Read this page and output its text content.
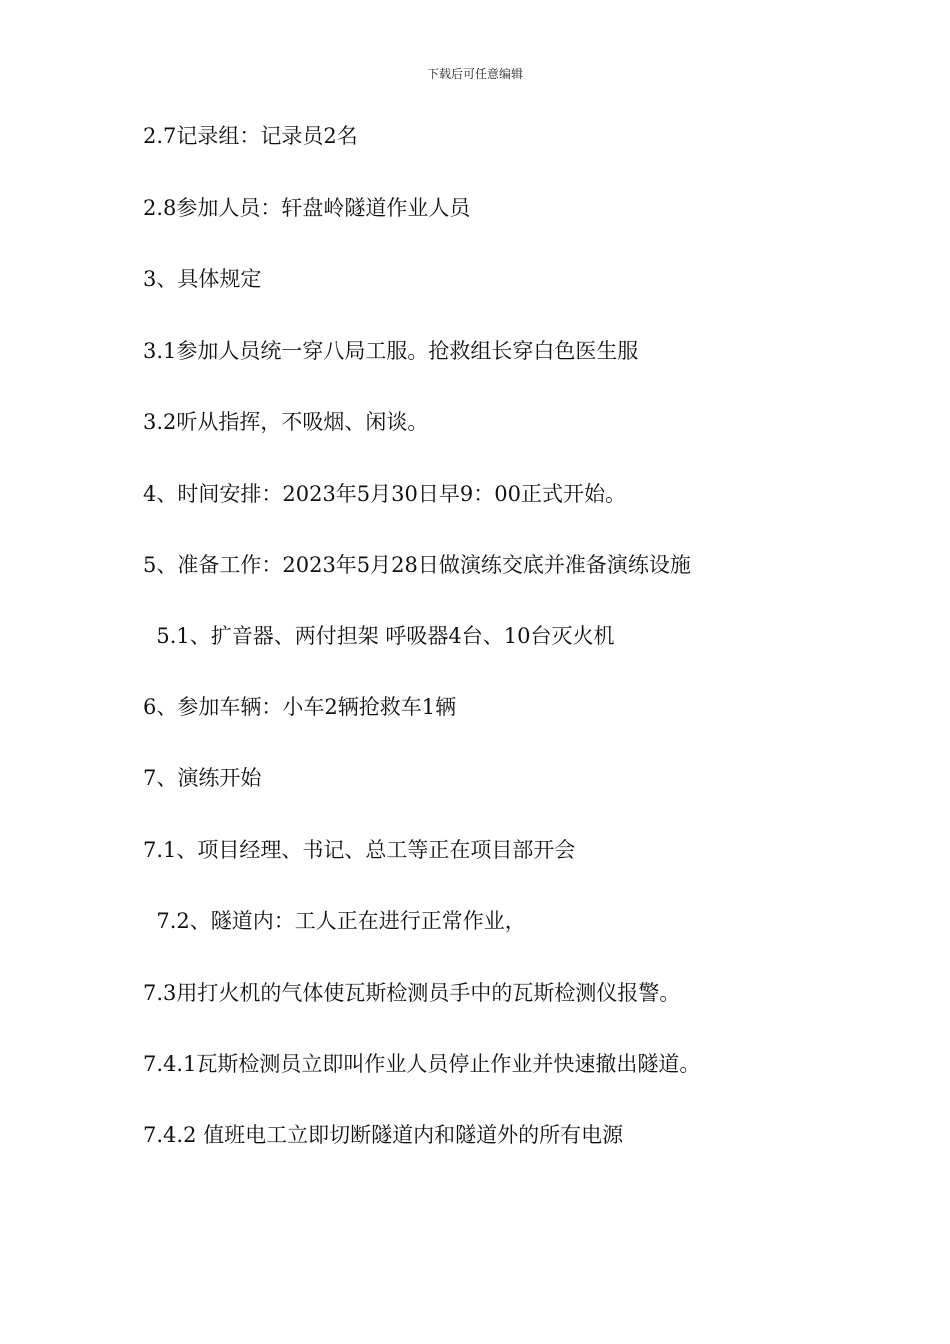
下载后可任意编辑
2.7记录组：记录员2名
2.8参加人员：轩盘岭隧道作业人员
3、具体规定
3.1参加人员统一穿八局工服。抢救组长穿白色医生服
3.2听从指挥，不吸烟、闲谈。
4、时间安排：2023年5月30日早9：00正式开始。
5、准备工作：2023年5月28日做演练交底并准备演练设施
5.1、扩音器、两付担架 呼吸器4台、10台灭火机
6、参加车辆：小车2辆抢救车1辆
7、演练开始
7.1、项目经理、书记、总工等正在项目部开会
7.2、隧道内：工人正在进行正常作业，
7.3用打火机的气体使瓦斯检测员手中的瓦斯检测仪报警。
7.4.1瓦斯检测员立即叫作业人员停止作业并快速撤出隧道。
7.4.2 值班电工立即切断隧道内和隧道外的所有电源
